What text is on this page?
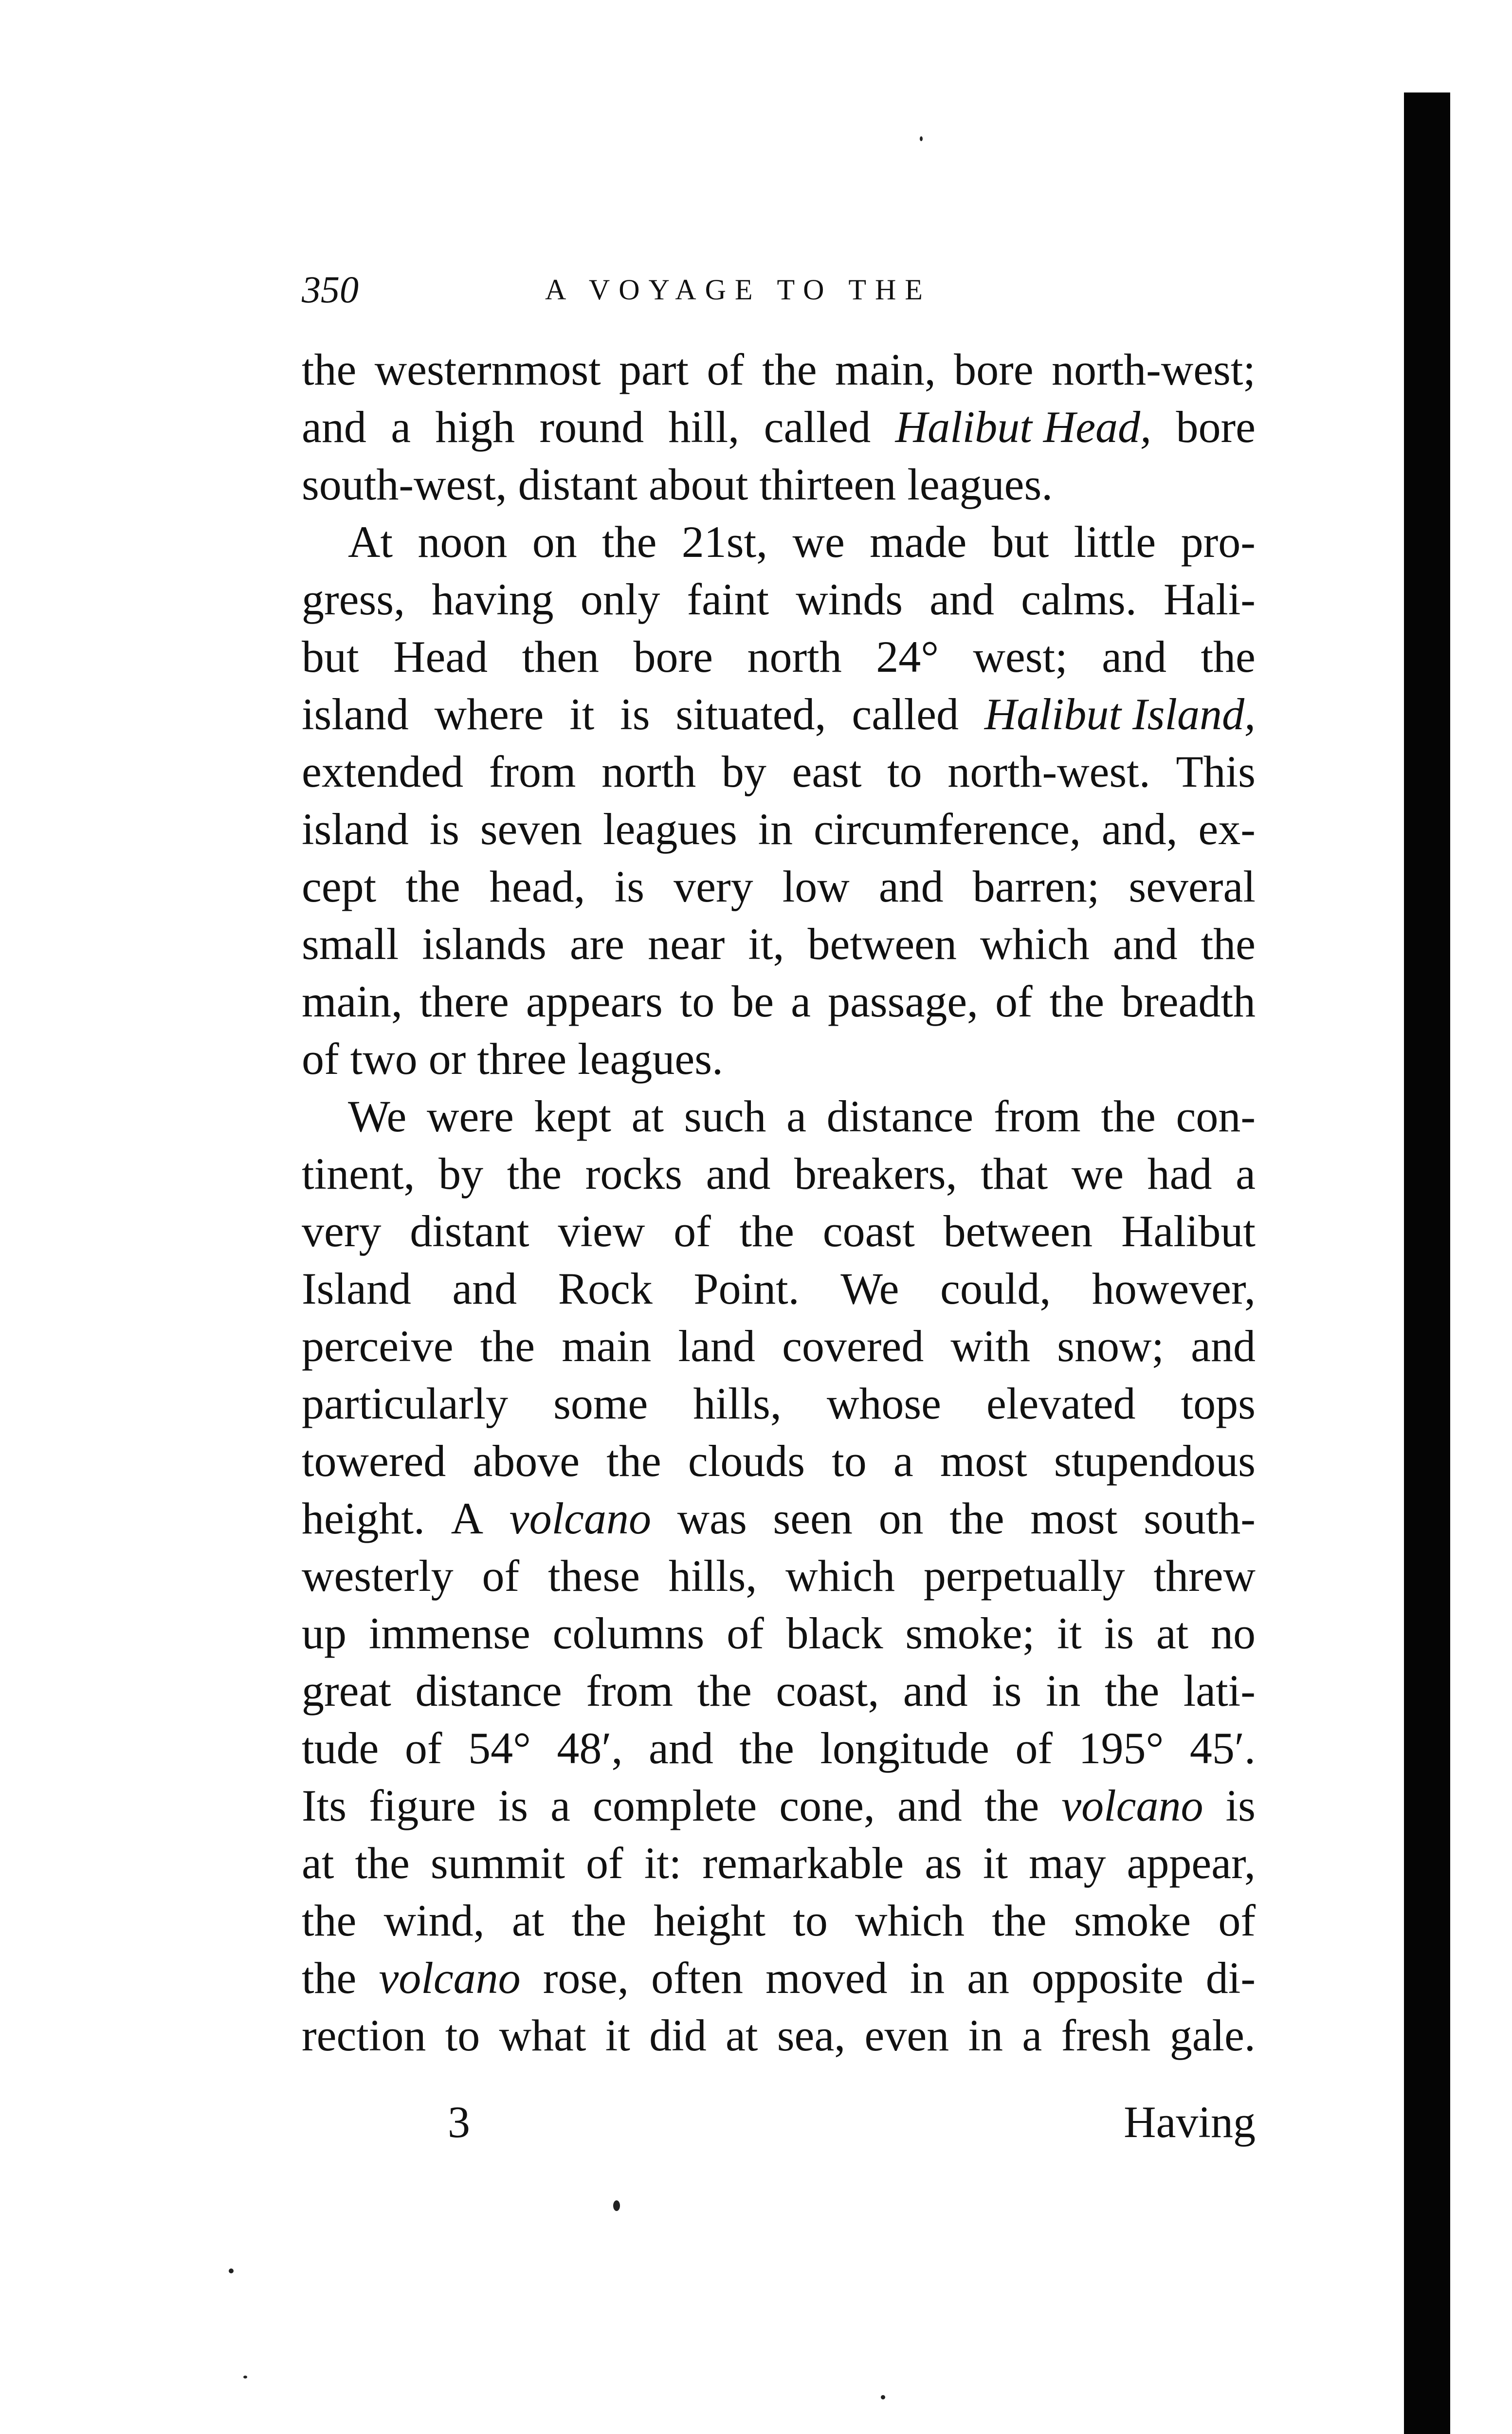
350	A VOYAGE TO THE
the westernmost part of the main, bore north-west;
and a high round hill, called Halibut Head, bore
south-west, distant about thirteen leagues.
At noon on the 21st, we made but little pro-
gress, having only faint winds and calms. Hali-
but Head then bore north 24° west; and the
island where it is situated, called Halibut Island,
extended from north by east to north-west. This
island is seven leagues in circumference, and, ex-
cept the head, is very low and barren; several
small islands are near it, between which and the
main, there appears to be a passage, of the breadth
of two or three leagues.
We were kept at such a distance from the con-
tinent, by the rocks and breakers, that we had a
very distant view of the coast between Halibut
Island and Rock Point. We could, however,
perceive the main land covered with snow; and
particularly some hills, whose elevated tops
towered above the clouds to a most stupendous
height. A volcano was seen on the most south-
westerly of these hills, which perpetually threw
up immense columns of black smoke; it is at no
great distance from the coast, and is in the lati-
tude of 54° 48′, and the longitude of 195° 45′.
Its figure is a complete cone, and the volcano is
at the summit of it: remarkable as it may appear,
the wind, at the height to which the smoke of
the volcano rose, often moved in an opposite di-
rection to what it did at sea, even in a fresh gale.
3	Having
